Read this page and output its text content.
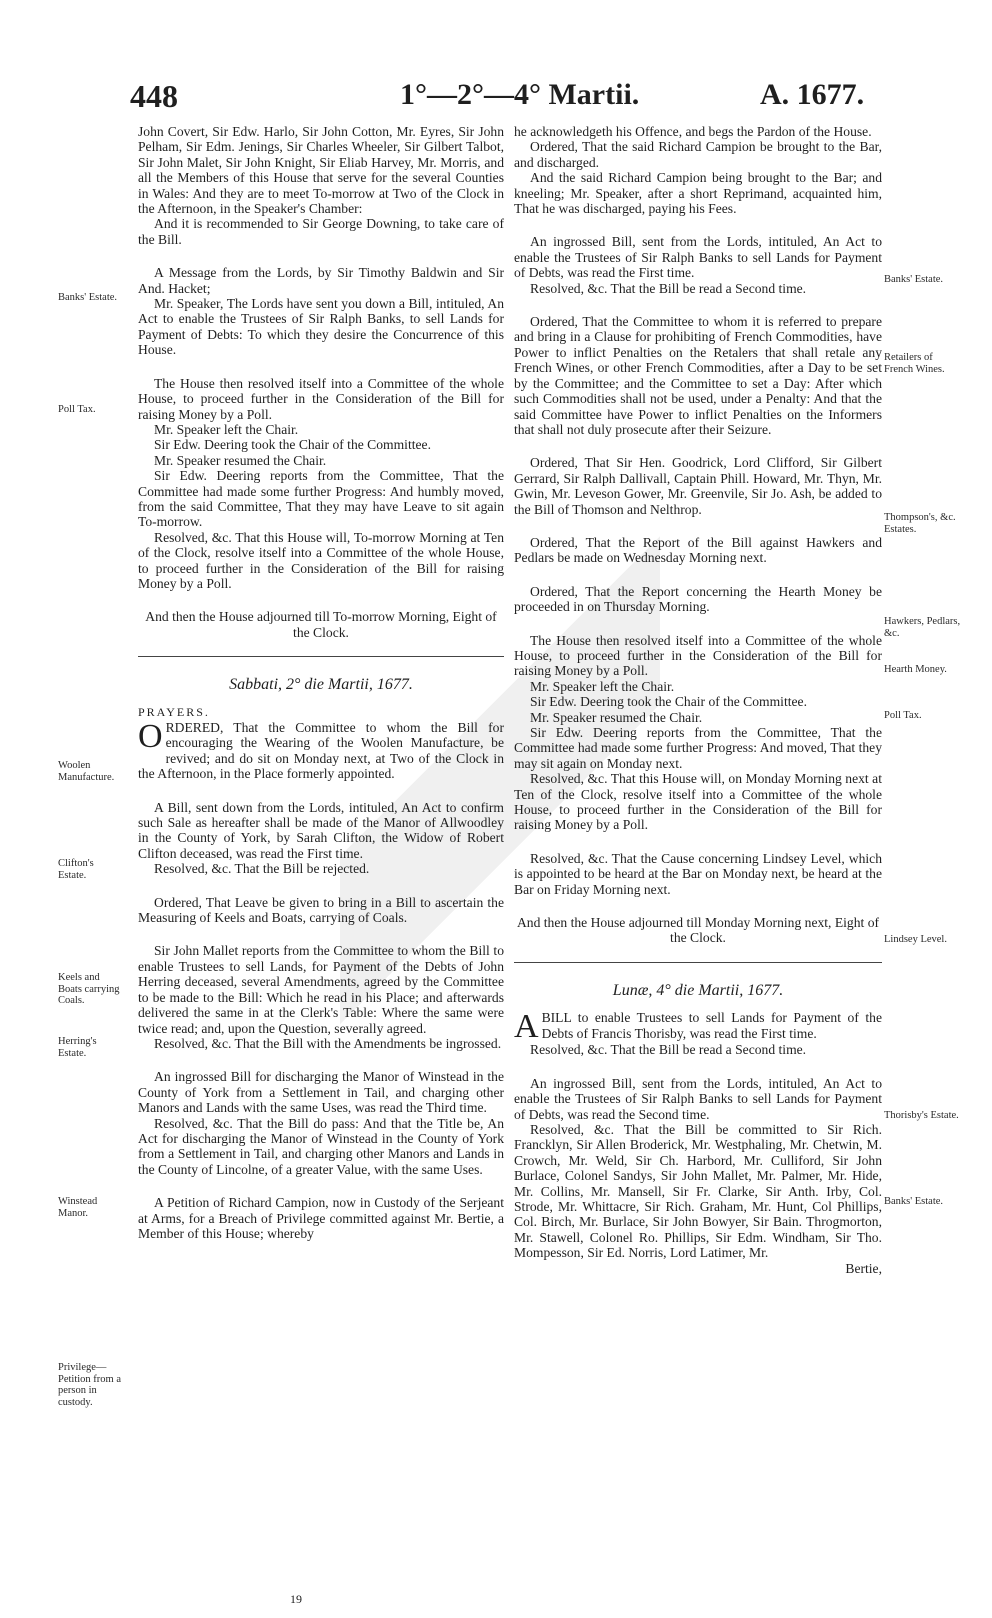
448	1°—2°—4° Martii.	A. 1677.
Banks' Estate.
Poll Tax.
Woolen Manufacture.
Clifton's Estate.
Keels and Boats carrying Coals.
Herring's Estate.
Winstead Manor.
Privilege—Petition from a person in custody.
Banks' Estate.
Retailers of French Wines.
Thompson's, &c. Estates.
Hawkers, Pedlars, &c.
Hearth Money.
Poll Tax.
Lindsey Level.
Thorisby's Estate.
Banks' Estate.

John Covert, Sir Edw. Harlo, Sir John Cotton, Mr. Eyres, Sir John Pelham, Sir Edm. Jenings, Sir Charles Wheeler, Sir Gilbert Talbot, Sir John Malet, Sir John Knight, Sir Eliab Harvey, Mr. Morris, and all the Members of this House that serve for the several Counties in Wales: And they are to meet To-morrow at Two of the Clock in the Afternoon, in the Speaker's Chamber:

And it is recommended to Sir George Downing, to take care of the Bill.

A Message from the Lords, by Sir Timothy Baldwin and Sir And. Hacket;

Mr. Speaker, The Lords have sent you down a Bill, intituled, An Act to enable the Trustees of Sir Ralph Banks, to sell Lands for Payment of Debts: To which they desire the Concurrence of this House.

The House then resolved itself into a Committee of the whole House, to proceed further in the Consideration of the Bill for raising Money by a Poll.

Mr. Speaker left the Chair.

Sir Edw. Deering took the Chair of the Committee.

Mr. Speaker resumed the Chair.

Sir Edw. Deering reports from the Committee, That the Committee had made some further Progress: And humbly moved, from the said Committee, That they may have Leave to sit again To-morrow.

Resolved, &c. That this House will, To-morrow Morning at Ten of the Clock, resolve itself into a Committee of the whole House, to proceed further in the Consideration of the Bill for raising Money by a Poll.

And then the House adjourned till To-morrow Morning, Eight of the Clock.

Sabbati, 2° die Martii, 1677.

PRAYERS.

ORDERED, That the Committee to whom the Bill for encouraging the Wearing of the Woolen Manufacture, be revived; and do sit on Monday next, at Two of the Clock in the Afternoon, in the Place formerly appointed.

A Bill, sent down from the Lords, intituled, An Act to confirm such Sale as hereafter shall be made of the Manor of Allwoodley in the County of York, by Sarah Clifton, the Widow of Robert Clifton deceased, was read the First time.

Resolved, &c. That the Bill be rejected.

Ordered, That Leave be given to bring in a Bill to ascertain the Measuring of Keels and Boats, carrying of Coals.

Sir John Mallet reports from the Committee to whom the Bill to enable Trustees to sell Lands, for Payment of the Debts of John Herring deceased, several Amendments, agreed by the Committee to be made to the Bill: Which he read in his Place; and afterwards delivered the same in at the Clerk's Table: Where the same were twice read; and, upon the Question, severally agreed.

Resolved, &c. That the Bill with the Amendments be ingrossed.

An ingrossed Bill for discharging the Manor of Winstead in the County of York from a Settlement in Tail, and charging other Manors and Lands with the same Uses, was read the Third time.

Resolved, &c. That the Bill do pass: And that the Title be, An Act for discharging the Manor of Winstead in the County of York from a Settlement in Tail, and charging other Manors and Lands in the County of Lincolne, of a greater Value, with the same Uses.

A Petition of Richard Campion, now in Custody of the Serjeant at Arms, for a Breach of Privilege committed against Mr. Bertie, a Member of this House; whereby

he acknowledgeth his Offence, and begs the Pardon of the House.

Ordered, That the said Richard Campion be brought to the Bar, and discharged.

And the said Richard Campion being brought to the Bar; and kneeling; Mr. Speaker, after a short Reprimand, acquainted him, That he was discharged, paying his Fees.

An ingrossed Bill, sent from the Lords, intituled, An Act to enable the Trustees of Sir Ralph Banks to sell Lands for Payment of Debts, was read the First time.

Resolved, &c. That the Bill be read a Second time.

Ordered, That the Committee to whom it is referred to prepare and bring in a Clause for prohibiting of French Commodities, have Power to inflict Penalties on the Retalers that shall retale any French Wines, or other French Commodities, after a Day to be set by the Committee; and the Committee to set a Day: After which such Commodities shall not be used, under a Penalty: And that the said Committee have Power to inflict Penalties on the Informers that shall not duly prosecute after their Seizure.

Ordered, That Sir Hen. Goodrick, Lord Clifford, Sir Gilbert Gerrard, Sir Ralph Dallivall, Captain Phill. Howard, Mr. Thyn, Mr. Gwin, Mr. Leveson Gower, Mr. Greenvile, Sir Jo. Ash, be added to the Bill of Thomson and Nelthrop.

Ordered, That the Report of the Bill against Hawkers and Pedlars be made on Wednesday Morning next.

Ordered, That the Report concerning the Hearth Money be proceeded in on Thursday Morning.

The House then resolved itself into a Committee of the whole House, to proceed further in the Consideration of the Bill for raising Money by a Poll.

Mr. Speaker left the Chair.

Sir Edw. Deering took the Chair of the Committee.

Mr. Speaker resumed the Chair.

Sir Edw. Deering reports from the Committee, That the Committee had made some further Progress: And moved, That they may sit again on Monday next.

Resolved, &c. That this House will, on Monday Morning next at Ten of the Clock, resolve itself into a Committee of the whole House, to proceed further in the Consideration of the Bill for raising Money by a Poll.

Resolved, &c. That the Cause concerning Lindsey Level, which is appointed to be heard at the Bar on Monday next, be heard at the Bar on Friday Morning next.

And then the House adjourned till Monday Morning next, Eight of the Clock.

Lunæ, 4° die Martii, 1677.

ABILL to enable Trustees to sell Lands for Payment of the Debts of Francis Thorisby, was read the First time.

Resolved, &c. That the Bill be read a Second time.

An ingrossed Bill, sent from the Lords, intituled, An Act to enable the Trustees of Sir Ralph Banks to sell Lands for Payment of Debts, was read the Second time.

Resolved, &c. That the Bill be committed to Sir Rich. Francklyn, Sir Allen Broderick, Mr. Westphaling, Mr. Chetwin, M. Crowch, Mr. Weld, Sir Ch. Harbord, Mr. Culliford, Sir John Burlace, Colonel Sandys, Sir John Mallet, Mr. Palmer, Mr. Hide, Mr. Collins, Mr. Mansell, Sir Fr. Clarke, Sir Anth. Irby, Col. Strode, Mr. Whittacre, Sir Rich. Graham, Mr. Hunt, Col Phillips, Col. Birch, Mr. Burlace, Sir John Bowyer, Sir Bain. Throgmorton, Mr. Stawell, Colonel Ro. Phillips, Sir Edm. Windham, Sir Tho. Mompesson, Sir Ed. Norris, Lord Latimer, Mr.

Bertie,

19
